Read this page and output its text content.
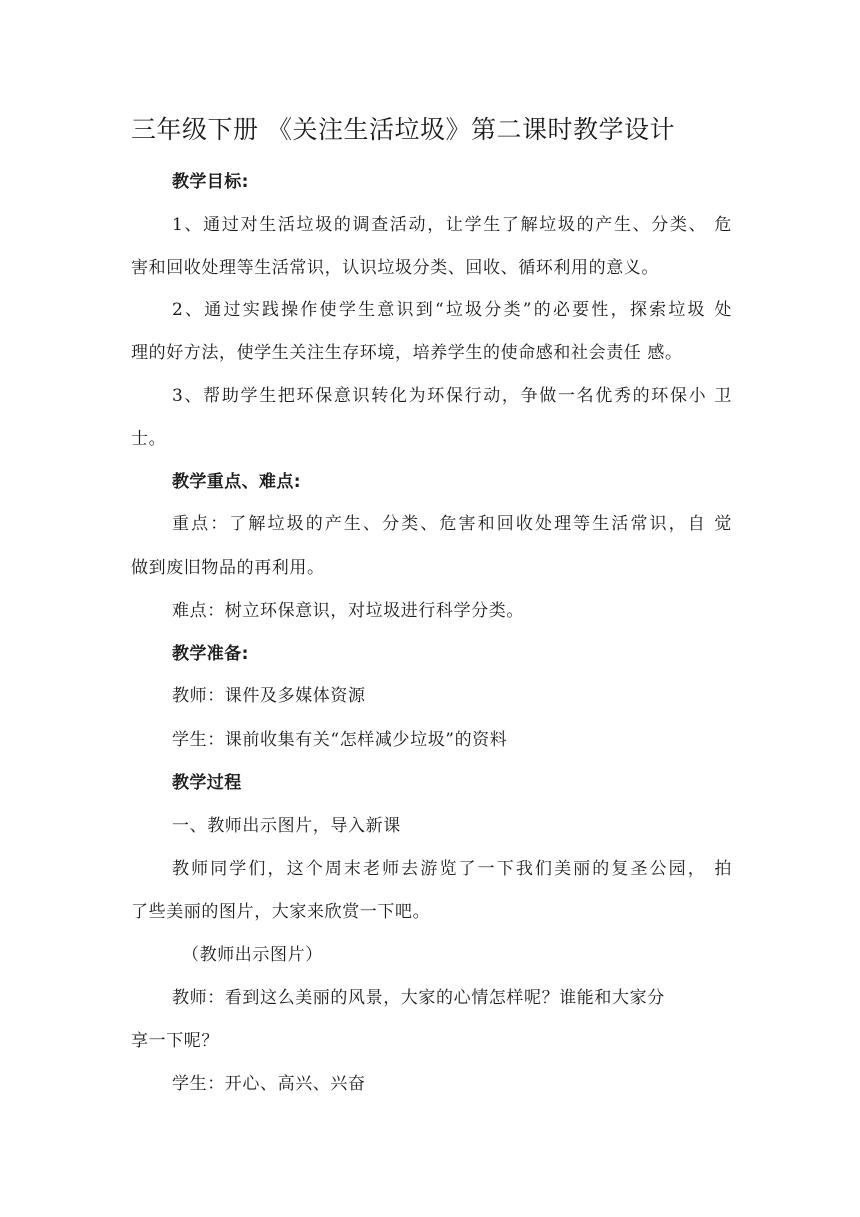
三年级下册 《关注生活垃圾》第二课时教学设计
教学目标:
1、通过对生活垃圾的调查活动，让学生了解垃圾的产生、分类、 危
害和回收处理等生活常识，认识垃圾分类、回收、循环利用的意义。
2、通过实践操作使学生意识到“垃圾分类”的必要性，探索垃圾 处
理的好方法，使学生关注生存环境，培养学生的使命感和社会责任 感。
3、帮助学生把环保意识转化为环保行动，争做一名优秀的环保小 卫
士。
教学重点、难点:
重点：了解垃圾的产生、分类、危害和回收处理等生活常识，自 觉
做到废旧物品的再利用。
难点：树立环保意识，对垃圾进行科学分类。
教学准备:
教师：课件及多媒体资源
学生：课前收集有关“怎样减少垃圾”的资料
教学过程
一、教师出示图片，导入新课
教师同学们，这个周末老师去游览了一下我们美丽的复圣公园， 拍
了些美丽的图片，大家来欣赏一下吧。
（教师出示图片）
教师：看到这么美丽的风景，大家的心情怎样呢？谁能和大家分
享一下呢？
学生：开心、高兴、兴奋
